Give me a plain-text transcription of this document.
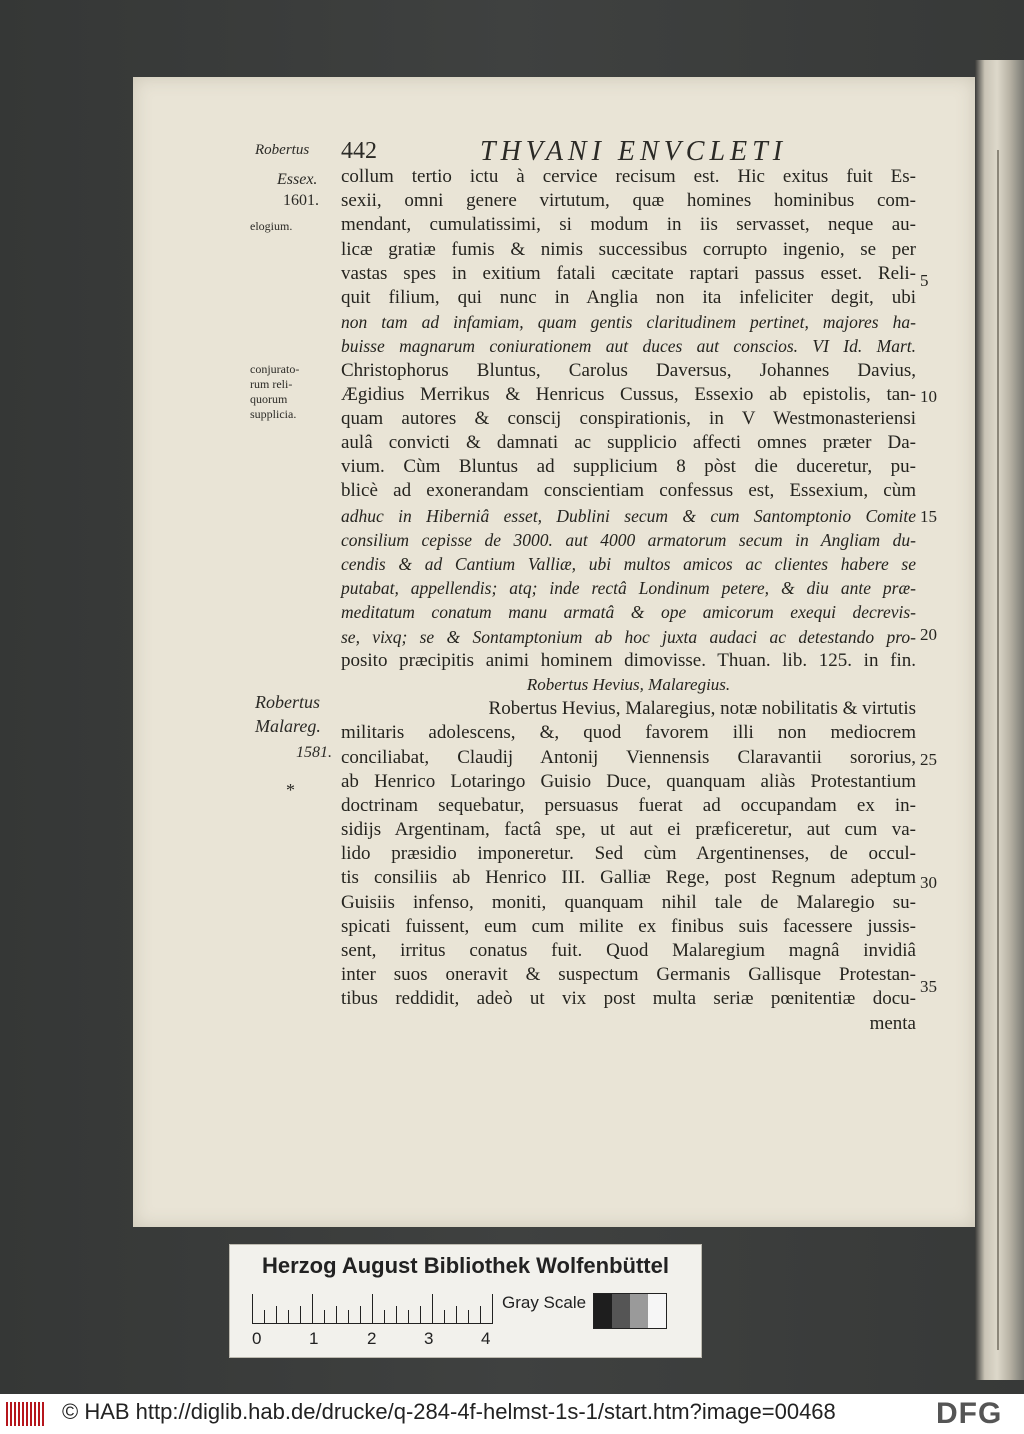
Robertus 442	THVANI ENVCLETI
Essex.
1601.
elogium.
conjurato-
rum reli-
quorum
supplicia.
Robertus
Malareg.
1581.
*
collum tertio ictu à cervice recisum est. Hic exitus fuit Es-
sexii, omni genere virtutum, quæ homines hominibus com-
mendant, cumulatissimi, si modum in iis servasset, neque au-
licæ gratiæ fumis & nimis successibus corrupto ingenio, se per
vastas spes in exitium fatali cæcitate raptari passus esset. Reli-
quit filium, qui nunc in Anglia non ita infeliciter degit, ubi
non tam ad infamiam, quam gentis claritudinem pertinet, majores ha-
buisse magnarum coniurationem aut duces aut conscios. VI Id. Mart.
Christophorus Bluntus, Carolus Daversus, Johannes Davius,
Ægidius Merrikus & Henricus Cussus, Essexio ab epistolis, tan-
quam autores & conscij conspirationis, in V Westmonasteriensi
aulâ convicti & damnati ac supplicio affecti omnes præter Da-
vium. Cùm Bluntus ad supplicium 8 pòst die duceretur, pu-
blicè ad exonerandam conscientiam confessus est, Essexium, cùm
adhuc in Hiberniâ esset, Dublini secum & cum Santomptonio Comite
consilium cepisse de 3000. aut 4000 armatorum secum in Angliam du-
cendis & ad Cantium Valliæ, ubi multos amicos ac clientes habere se
putabat, appellendis; atq; inde rectâ Londinum petere, & diu ante præ-
meditatum conatum manu armatâ & ope amicorum exequi decrevis-
se, vixq; se & Sontamptonium ab hoc juxta audaci ac detestando pro-
posito præcipitis animi hominem dimovisse. Thuan. lib. 125. in fin.
Robertus Hevius, Malaregius.
Robertus Hevius, Malaregius, notæ nobilitatis & virtutis
militaris adolescens, &, quod favorem illi non mediocrem
conciliabat, Claudij Antonij Viennensis Claravantii sororius,
ab Henrico Lotaringo Guisio Duce, quanquam aliàs Protestantium
doctrinam sequebatur, persuasus fuerat ad occupandam ex in-
sidijs Argentinam, factâ spe, ut aut ei præficeretur, aut cum va-
lido præsidio imponeretur. Sed cùm Argentinenses, de occul-
tis consiliis ab Henrico III. Galliæ Rege, post Regnum adeptum
Guisiis infenso, moniti, quanquam nihil tale de Malaregio su-
spicati fuissent, eum cum milite ex finibus suis facessere jussis-
sent, irritus conatus fuit. Quod Malaregium magnâ invidiâ
inter suos oneravit & suspectum Germanis Gallisque Protestan-
tibus reddidit, adeò ut vix post multa seriæ pœnitentiæ docu-
menta
5
10
15
20
25
30
35
Herzog August Bibliothek Wolfenbüttel
0	1	2	3	4
Gray Scale
© HAB http://diglib.hab.de/drucke/q-284-4f-helmst-1s-1/start.htm?image=00468	DFG
